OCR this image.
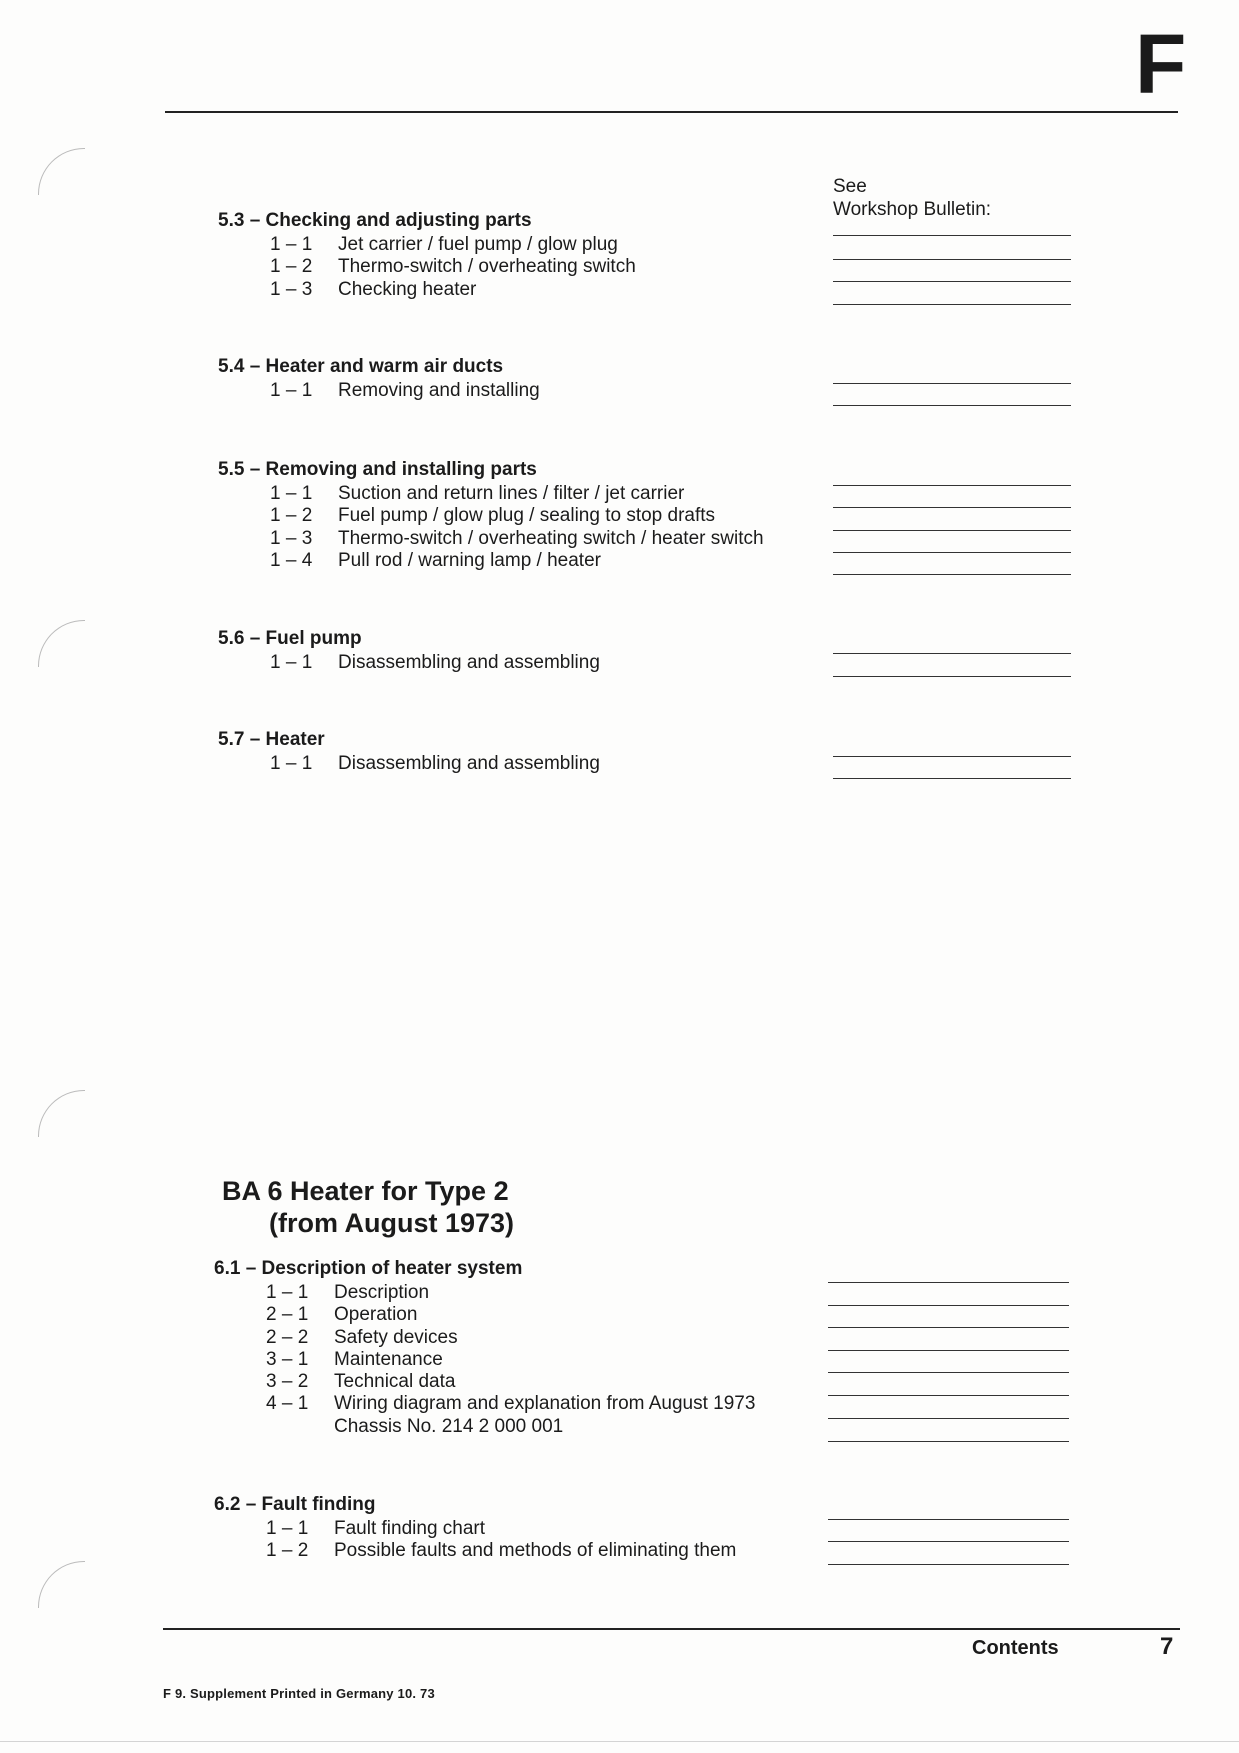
F
See
Workshop Bulletin:
5.3 – Checking and adjusting parts
1 – 1	Jet carrier / fuel pump / glow plug
1 – 2	Thermo-switch / overheating switch
1 – 3	Checking heater
5.4 – Heater and warm air ducts
1 – 1	Removing and installing
5.5 – Removing and installing parts
1 – 1	Suction and return lines / filter / jet carrier
1 – 2	Fuel pump / glow plug / sealing to stop drafts
1 – 3	Thermo-switch / overheating switch / heater switch
1 – 4	Pull rod / warning lamp / heater
5.6 – Fuel pump
1 – 1	Disassembling and assembling
5.7 – Heater
1 – 1	Disassembling and assembling
BA 6 Heater for Type 2
(from August 1973)
6.1 – Description of heater system
1 – 1	Description
2 – 1	Operation
2 – 2	Safety devices
3 – 1	Maintenance
3 – 2	Technical data
4 – 1	Wiring diagram and explanation from August 1973
Chassis No. 214 2 000 001
6.2 – Fault finding
1 – 1	Fault finding chart
1 – 2	Possible faults and methods of eliminating them
Contents	7
F 9. Supplement Printed in Germany 10. 73
